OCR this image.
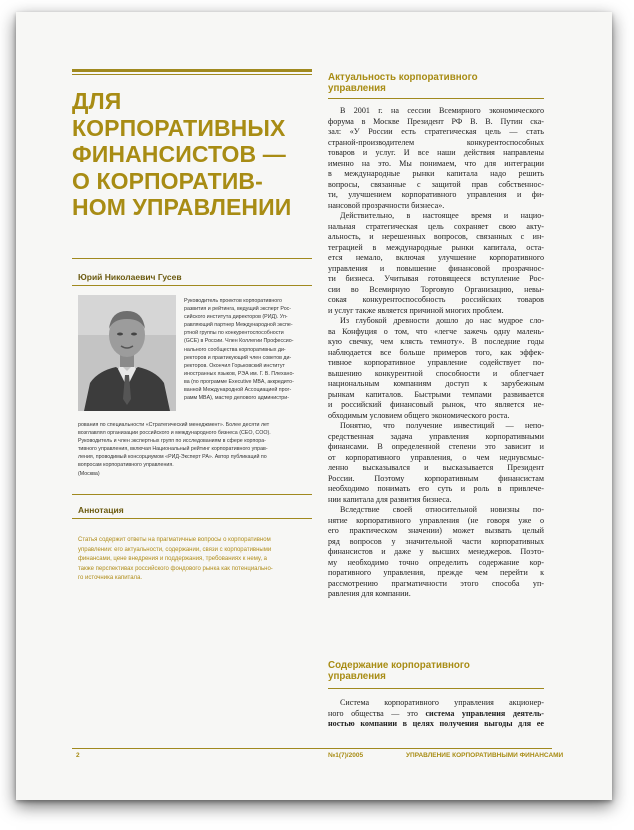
ДЛЯ
КОРПОРАТИВНЫХ
ФИНАНСИСТОВ —
О КОРПОРАТИВ-
НОМ УПРАВЛЕНИИ
Юрий Николаевич Гусев
Руководитель проектов корпоративного
развития и рейтинга, ведущий эксперт Рос-
сийского института директоров (РИД). Уп-
равляющий партнер Международной экспе-
ртной группы по конкурентоспособности
(GCE) в России. Член Коллегии Профессио-
нального сообщества корпоративных ди-
ректоров и практикующий член советов ди-
ректоров. Окончил Горьковский институт
иностранных языков, РЭА им. Г. В. Плехано-
ва (по программе Executive MBA, аккредито-
ванной Международной Ассоциацией прог-
рамм MBA), мастер делового администри-
рования по специальности «Стратегический менеджмент». Более десяти лет
возглавлял организации российского и международного бизнеса (CEO, COO).
Руководитель и член экспертных групп по исследованиям в сфере корпора-
тивного управления, включая Национальный рейтинг корпоративного управ-
ления, проводимый консорциумом «РИД-Эксперт РА». Автор публикаций по
вопросам корпоративного управления.
(Москва)
Аннотация
Статья содержит ответы на прагматичные вопросы о корпоративном
управлении: его актуальности, содержании, связи с корпоративными
финансами, цене внедрения и поддержания, требованиях к нему, а
также перспективах российского фондового рынка как потенциально-
го источника капитала.
Актуальность корпоративного
управления
В 2001 г. на сессии Всемирного экономического
форума в Москве Президент РФ В. В. Путин ска-
зал: «У России есть стратегическая цель — стать
страной-производителем конкурентоспособных
товаров и услуг. И все наши действия направлены
именно на это. Мы понимаем, что для интеграции
в международные рынки капитала надо решить
вопросы, связанные с защитой прав собственнос-
ти, улучшением корпоративного управления и фи-
нансовой прозрачности бизнеса».
Действительно, в настоящее время и нацио-
нальная стратегическая цель сохраняет свою акту-
альность, и нерешенных вопросов, связанных с ин-
теграцией в международные рынки капитала, оста-
ется немало, включая улучшение корпоративного
управления и повышение финансовой прозрачнос-
ти бизнеса. Учитывая готовящееся вступление Рос-
сии во Всемирную Торговую Организацию, невы-
сокая конкурентоспособность российских товаров
и услуг также является причиной многих проблем.
Из глубокой древности дошло до нас мудрое сло-
ва Конфуция о том, что «легче зажечь одну малень-
кую свечку, чем клясть темноту». В последние годы
наблюдается все больше примеров того, как эффек-
тивное корпоративное управление содействует по-
вышению конкурентной способности и облегчает
национальным компаниям доступ к зарубежным
рынкам капиталов. Быстрыми темпами развивается
и российский финансовый рынок, что является не-
обходимым условием общего экономического роста.
Понятно, что получение инвестиций — непо-
средственная задача управления корпоративными
финансами. В определенной степени это зависит и
от корпоративного управления, о чем неднувсмыс-
ленно высказывался и высказывается Президент
России. Поэтому корпоративным финансистам
необходимо понимать его суть и роль в привлече-
нии капитала для развития бизнеса.
Вследствие своей относительной новизны по-
нятие корпоративного управления (не говоря уже о
его практическом значении) может вызвать целый
ряд вопросов у значительной части корпоративных
финансистов и даже у высших менеджеров. Поэто-
му необходимо точно определить содержание кор-
поративного управления, прежде чем перейти к
рассмотрению прагматичности этого способа уп-
равления для компании.
Содержание корпоративного
управления
Система корпоративного управления акционер-
ного общества — это система управления деятель-
ностью компании в целях получения выгоды для ее
2	№1(7)/2005	УПРАВЛЕНИЕ КОРПОРАТИВНЫМИ ФИНАНСАМИ
